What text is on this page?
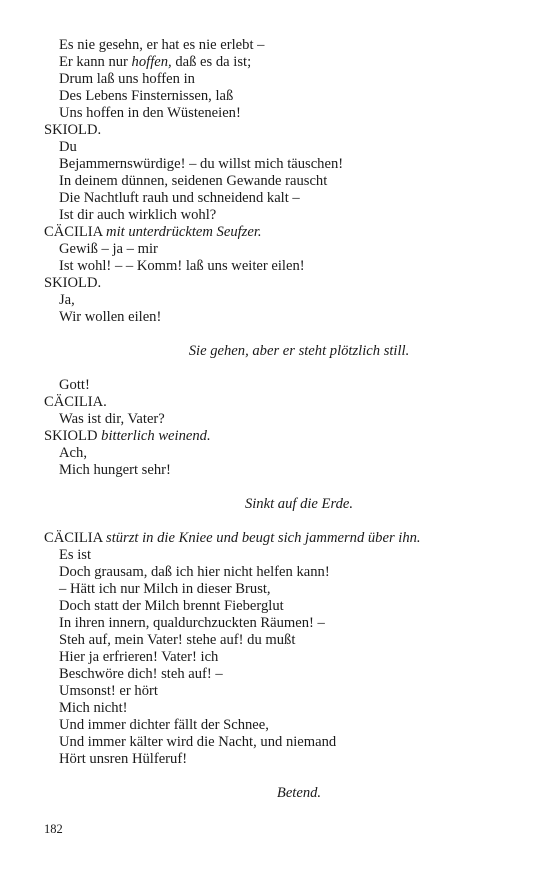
Es nie gesehn, er hat es nie erlebt –
Er kann nur hoffen, daß es da ist;
Drum laß uns hoffen in
Des Lebens Finsternissen, laß
Uns hoffen in den Wüsteneien!
SKIOLD.
Du
Bejammernswürdige! – du willst mich täuschen!
In deinem dünnen, seidenen Gewande rauscht
Die Nachtluft rauh und schneidend kalt –
Ist dir auch wirklich wohl?
CÄCILIA mit unterdrücktem Seufzer.
Gewiß – ja – mir
Ist wohl! – – Komm! laß uns weiter eilen!
SKIOLD.
Ja,
Wir wollen eilen!
Sie gehen, aber er steht plötzlich still.
Gott!
CÄCILIA.
Was ist dir, Vater?
SKIOLD bitterlich weinend.
Ach,
Mich hungert sehr!
Sinkt auf die Erde.
CÄCILIA stürzt in die Kniee und beugt sich jammernd über ihn.
Es ist
Doch grausam, daß ich hier nicht helfen kann!
– Hätt ich nur Milch in dieser Brust,
Doch statt der Milch brennt Fieberglut
In ihren innern, qualdurchzuckten Räumen! –
Steh auf, mein Vater! stehe auf! du mußt
Hier ja erfrieren! Vater! ich
Beschwöre dich! steh auf! –
Umsonst! er hört
Mich nicht!
Und immer dichter fällt der Schnee,
Und immer kälter wird die Nacht, und niemand
Hört unsren Hülferuf!
Betend.
182
